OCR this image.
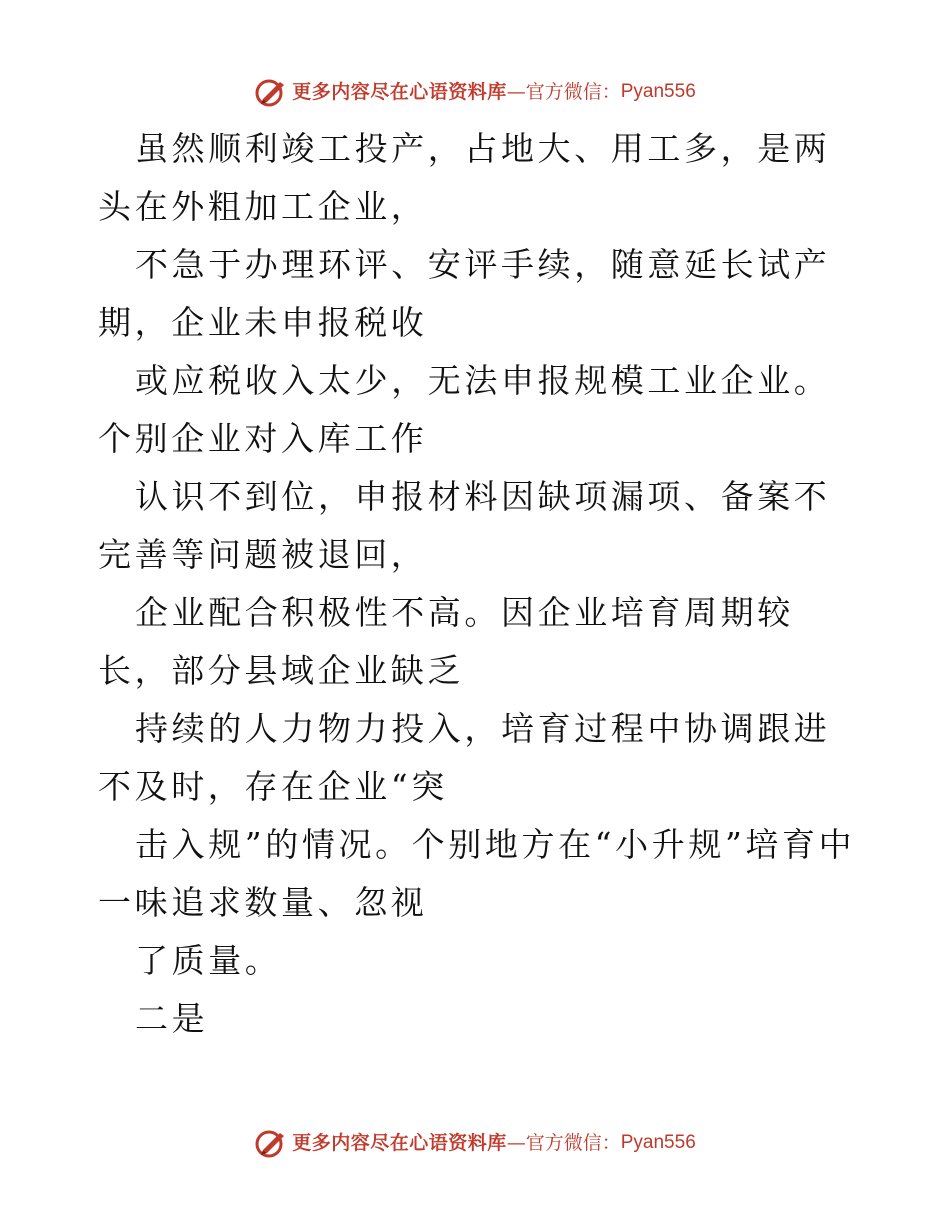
更多内容尽在心语资料库 — 官方微信： Pyan556

虽然顺利竣工投产，占地大、用工多，是两头在外粗加工企业，

不急于办理环评、安评手续，随意延长试产期，企业未申报税收

或应税收入太少，无法申报规模工业企业。个别企业对入库工作

认识不到位，申报材料因缺项漏项、备案不完善等问题被退回，

企业配合积极性不高。因企业培育周期较长，部分县域企业缺乏

持续的人力物力投入，培育过程中协调跟进不及时，存在企业“突

击入规”的情况。个别地方在“小升规”培育中一味追求数量、忽视

了质量。

二是

更多内容尽在心语资料库 — 官方微信： Pyan556
